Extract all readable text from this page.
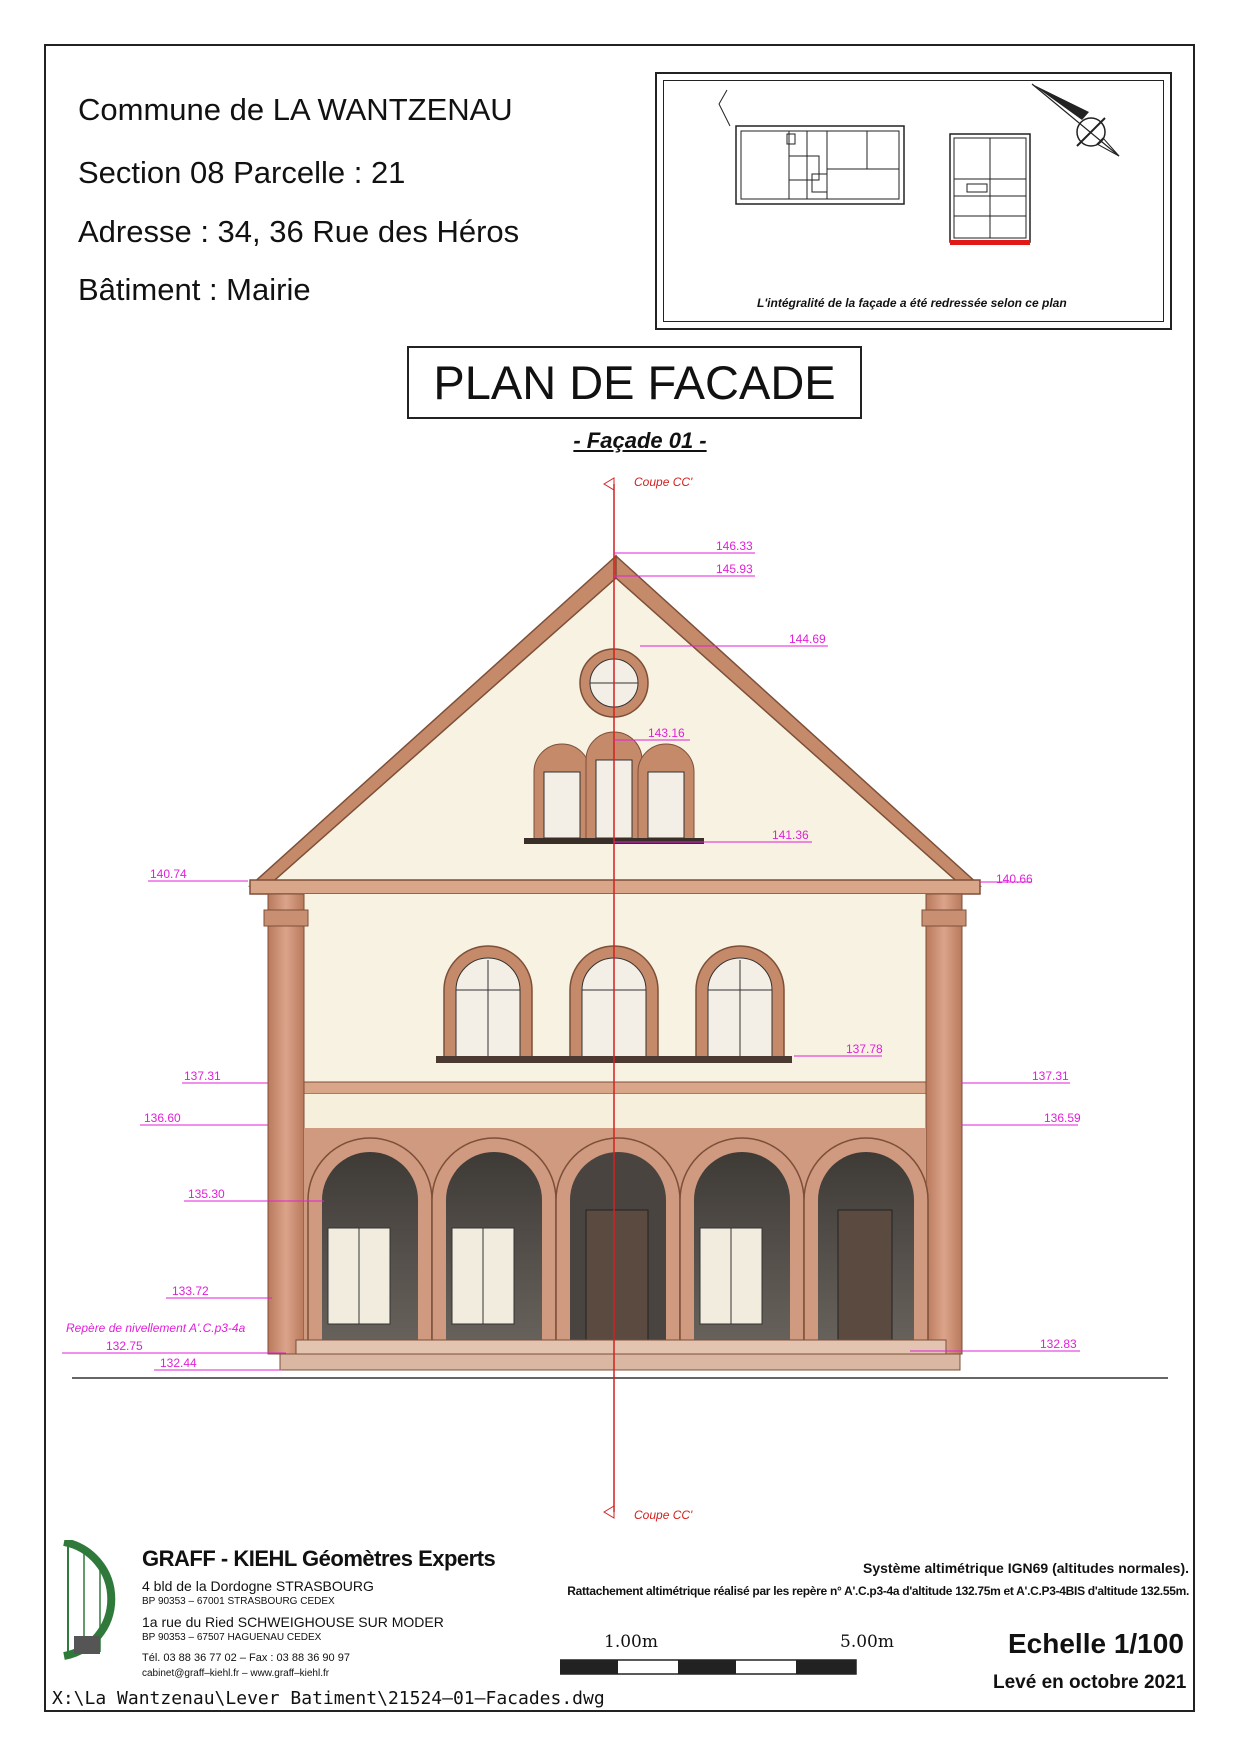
Commune de LA WANTZENAU
Section 08 Parcelle : 21
Adresse : 34, 36 Rue des Héros
Bâtiment : Mairie	L'intégralité de la façade a été redressée selon ce plan
PLAN DE FACADE
- Façade 01 -
Coupe CC'
Coupe CC'
146.33
145.93
144.69
143.16
141.36
140.74	140.66
137.78
137.31	137.31
136.60	136.59
135.30
133.72
Repère de nivellement A'.C.p3-4a
132.75
132.44
132.83
GRAFF - KIEHL Géomètres Experts
4 bld de la Dordogne STRASBOURG
BP 90353 – 67001 STRASBOURG CEDEX
1a rue du Ried SCHWEIGHOUSE SUR MODER
BP 90353 – 67507 HAGUENAU CEDEX
Tél. 03 88 36 77 02 – Fax : 03 88 36 90 97
cabinet@graff–kiehl.fr – www.graff–kiehl.fr
Système altimétrique IGN69 (altitudes normales).
Rattachement altimétrique réalisé par les repère n° A'.C.p3-4a d'altitude 132.75m et A'.C.P3-4BIS d'altitude 132.55m.
1.00m	5.00m	Echelle 1/100
Levé en octobre 2021
X:\La Wantzenau\Lever Batiment\21524–01–Facades.dwg
